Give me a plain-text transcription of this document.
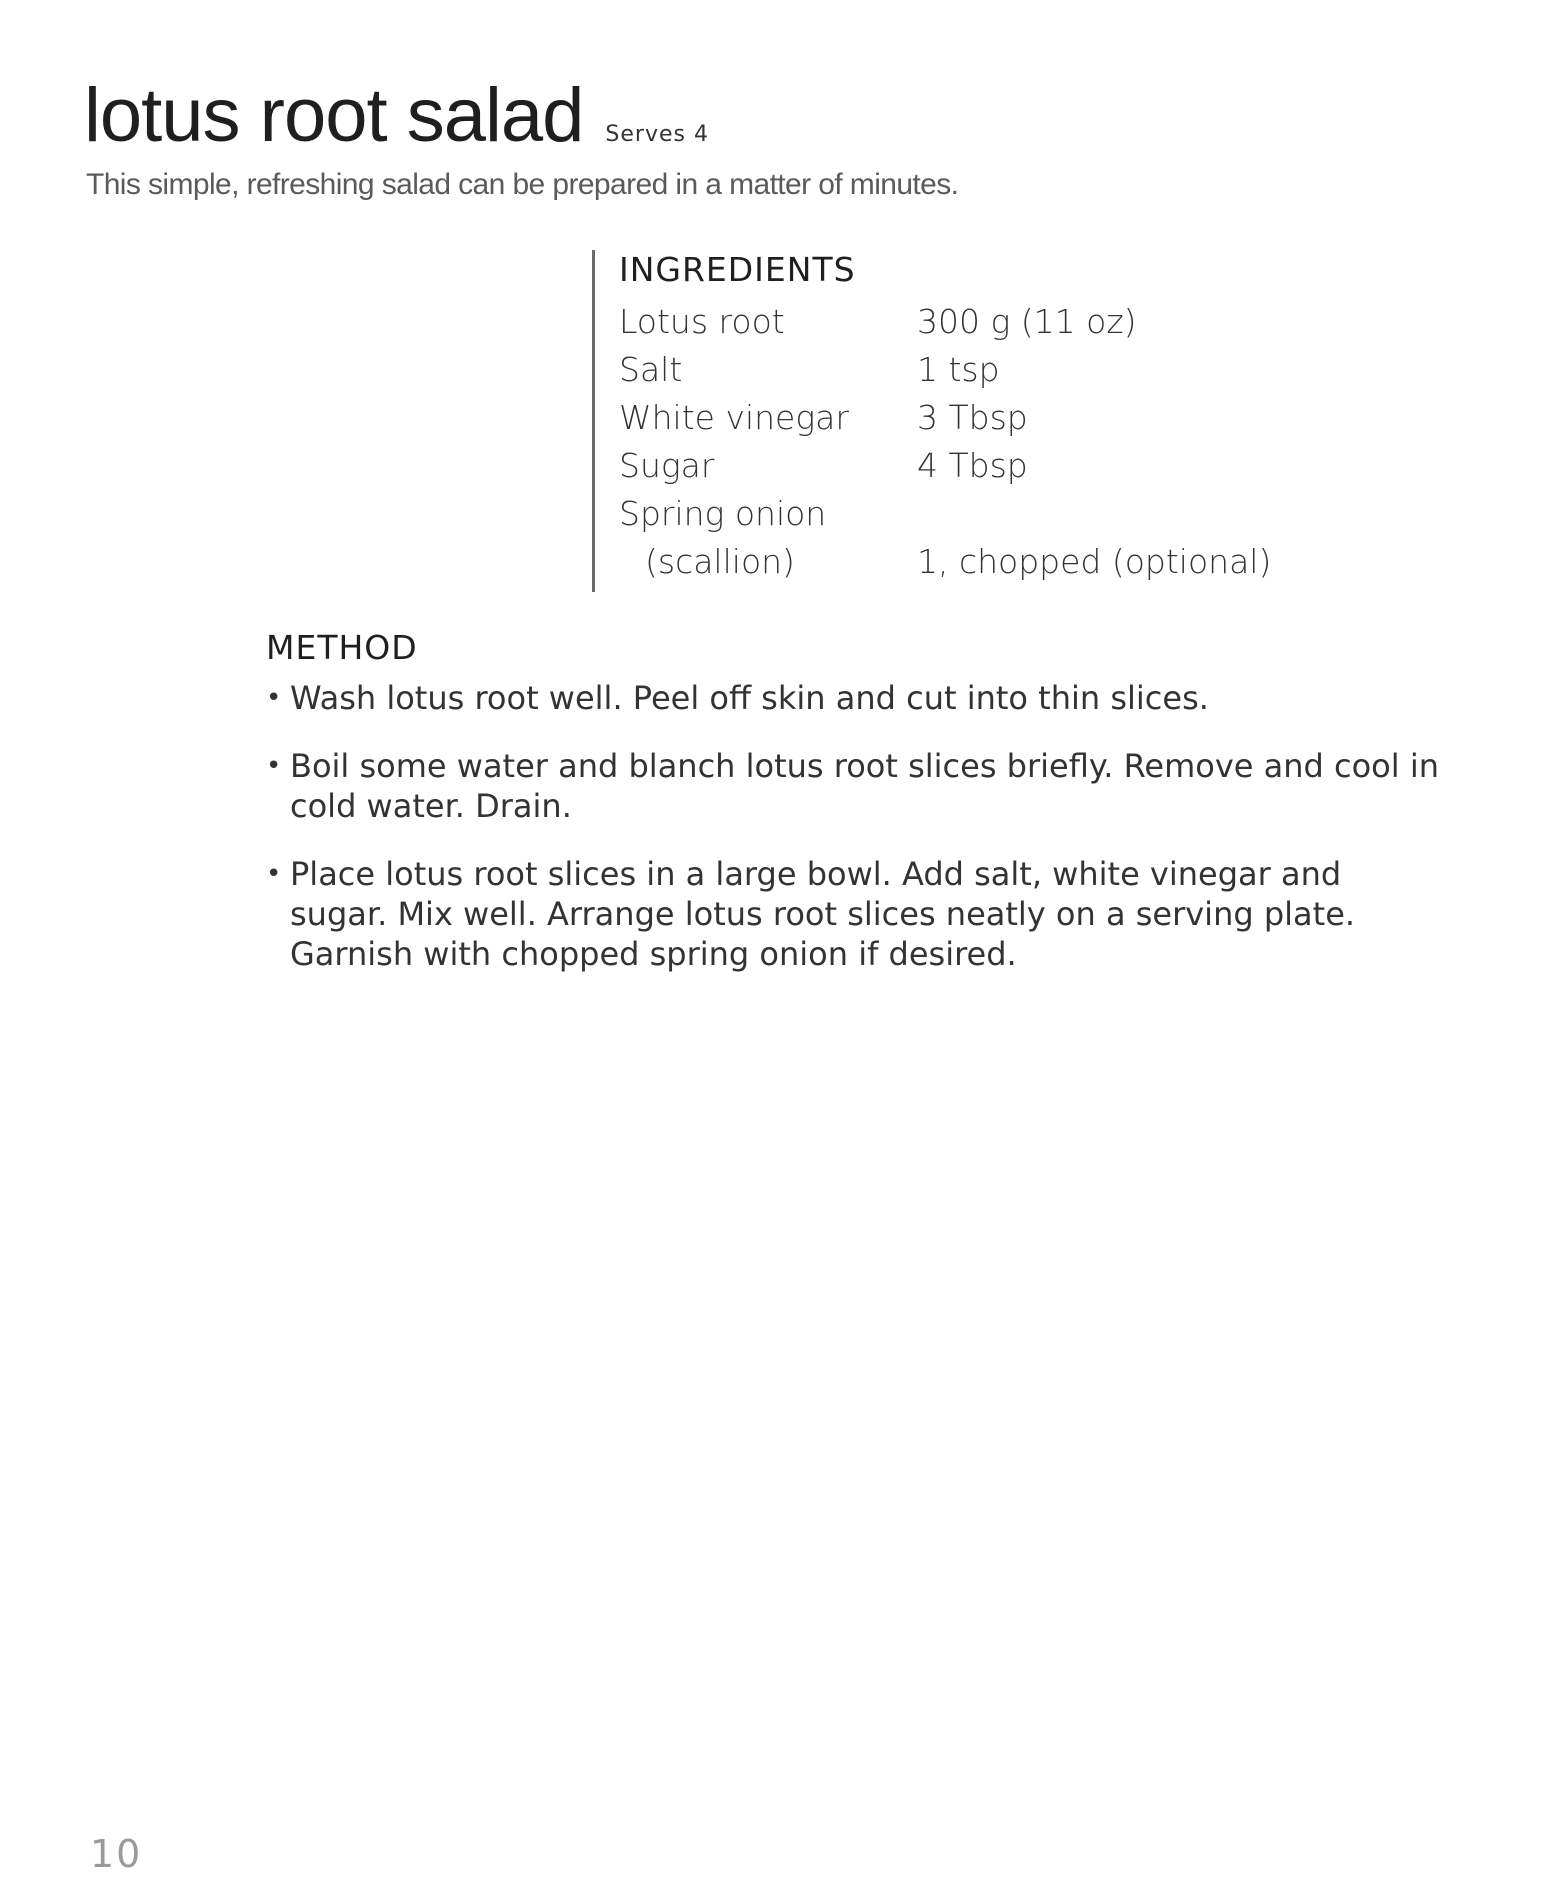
lotus root salad Serves 4
This simple, refreshing salad can be prepared in a matter of minutes.
INGREDIENTS
Lotus root	300 g (11 oz)
Salt	1 tsp
White vinegar	3 Tbsp
Sugar	4 Tbsp
Spring onion	
(scallion)	1, chopped (optional)
METHOD
• Wash lotus root well. Peel off skin and cut into thin slices.
• Boil some water and blanch lotus root slices briefly. Remove and cool in cold water. Drain.
• Place lotus root slices in a large bowl. Add salt, white vinegar and sugar. Mix well. Arrange lotus root slices neatly on a serving plate. Garnish with chopped spring onion if desired.
10
